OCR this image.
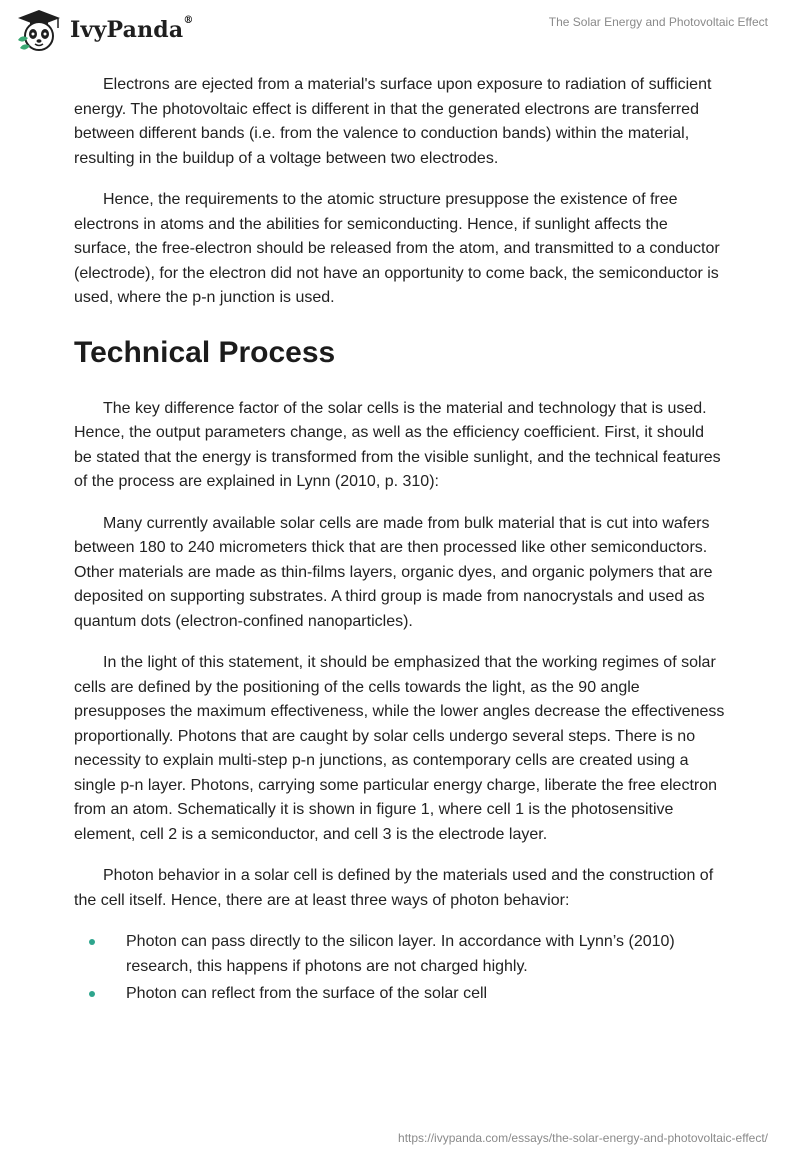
IvyPanda®	The Solar Energy and Photovoltaic Effect

Electrons are ejected from a material's surface upon exposure to radiation of sufficient energy. The photovoltaic effect is different in that the generated electrons are transferred between different bands (i.e. from the valence to conduction bands) within the material, resulting in the buildup of a voltage between two electrodes.

Hence, the requirements to the atomic structure presuppose the existence of free electrons in atoms and the abilities for semiconducting. Hence, if sunlight affects the surface, the free-electron should be released from the atom, and transmitted to a conductor (electrode), for the electron did not have an opportunity to come back, the semiconductor is used, where the p-n junction is used.

Technical Process

The key difference factor of the solar cells is the material and technology that is used. Hence, the output parameters change, as well as the efficiency coefficient. First, it should be stated that the energy is transformed from the visible sunlight, and the technical features of the process are explained in Lynn (2010, p. 310):

Many currently available solar cells are made from bulk material that is cut into wafers between 180 to 240 micrometers thick that are then processed like other semiconductors. Other materials are made as thin-films layers, organic dyes, and organic polymers that are deposited on supporting substrates. A third group is made from nanocrystals and used as quantum dots (electron-confined nanoparticles).

In the light of this statement, it should be emphasized that the working regimes of solar cells are defined by the positioning of the cells towards the light, as the 90 angle presupposes the maximum effectiveness, while the lower angles decrease the effectiveness proportionally. Photons that are caught by solar cells undergo several steps. There is no necessity to explain multi-step p-n junctions, as contemporary cells are created using a single p-n layer. Photons, carrying some particular energy charge, liberate the free electron from an atom. Schematically it is shown in figure 1, where cell 1 is the photosensitive element, cell 2 is a semiconductor, and cell 3 is the electrode layer.

Photon behavior in a solar cell is defined by the materials used and the construction of the cell itself. Hence, there are at least three ways of photon behavior:

Photon can pass directly to the silicon layer. In accordance with Lynn’s (2010) research, this happens if photons are not charged highly.
Photon can reflect from the surface of the solar cell
https://ivypanda.com/essays/the-solar-energy-and-photovoltaic-effect/
